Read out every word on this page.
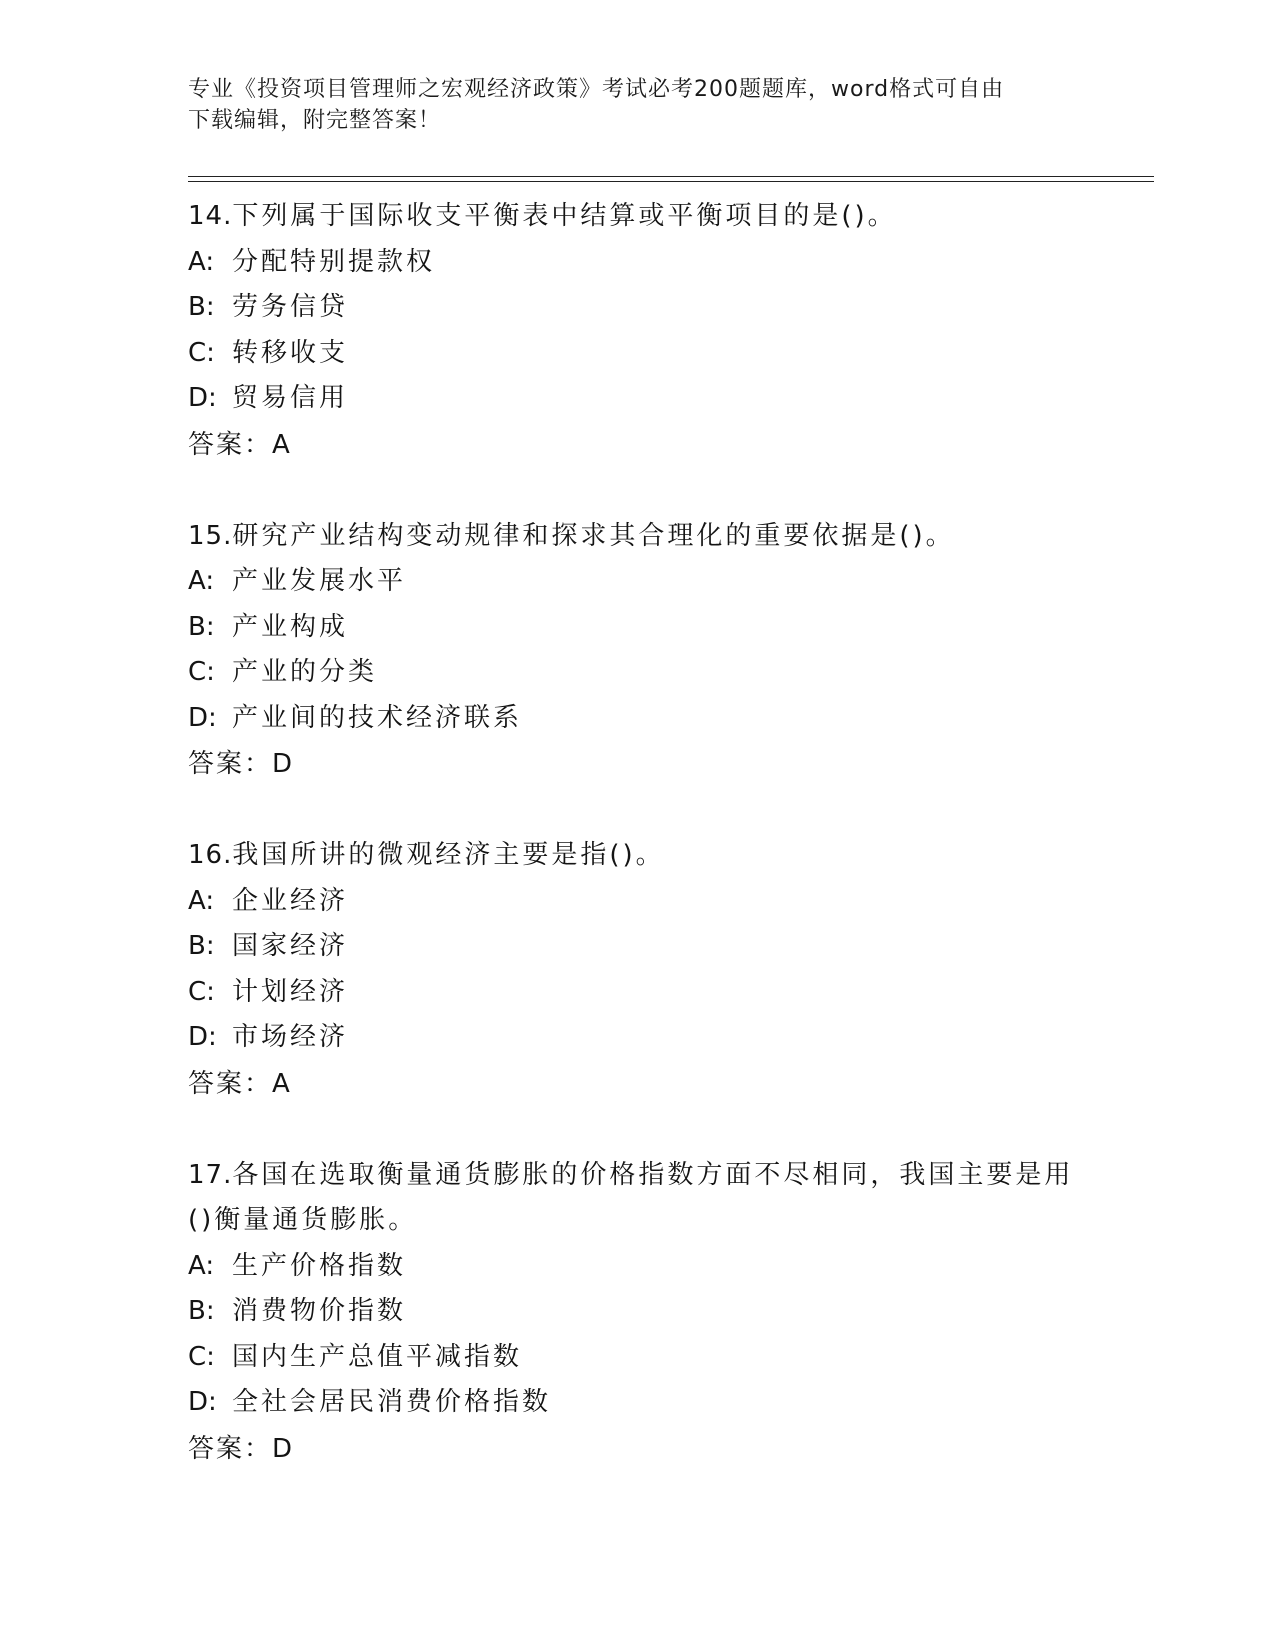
专业《投资项目管理师之宏观经济政策》考试必考200题题库，word格式可自由
下载编辑，附完整答案！
14.下列属于国际收支平衡表中结算或平衡项目的是()。
A: 分配特别提款权
B: 劳务信贷
C: 转移收支
D: 贸易信用
答案：A
15.研究产业结构变动规律和探求其合理化的重要依据是()。
A: 产业发展水平
B: 产业构成
C: 产业的分类
D: 产业间的技术经济联系
答案：D
16.我国所讲的微观经济主要是指()。
A: 企业经济
B: 国家经济
C: 计划经济
D: 市场经济
答案：A
17.各国在选取衡量通货膨胀的价格指数方面不尽相同，我国主要是用
()衡量通货膨胀。
A: 生产价格指数
B: 消费物价指数
C: 国内生产总值平减指数
D: 全社会居民消费价格指数
答案：D
